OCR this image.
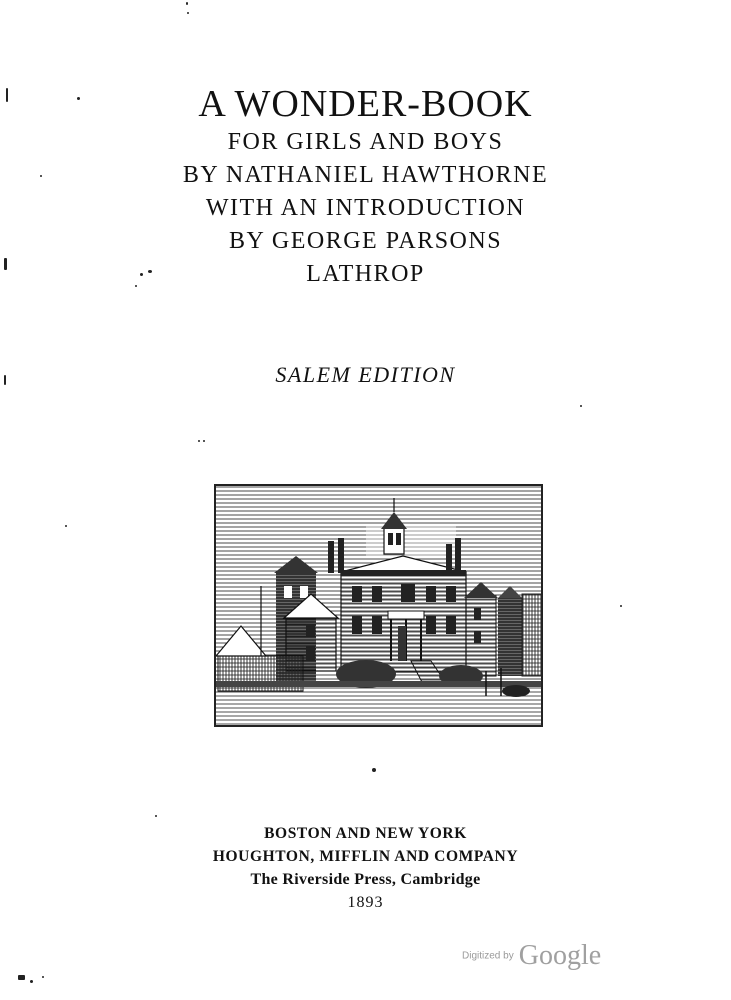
A WONDER-BOOK
FOR GIRLS AND BOYS
BY NATHANIEL HAWTHORNE
WITH AN INTRODUCTION
BY GEORGE PARSONS
LATHROP
SALEM EDITION
BOSTON AND NEW YORK
HOUGHTON, MIFFLIN AND COMPANY
The Riverside Press, Cambridge
1893
Digitized by Google
